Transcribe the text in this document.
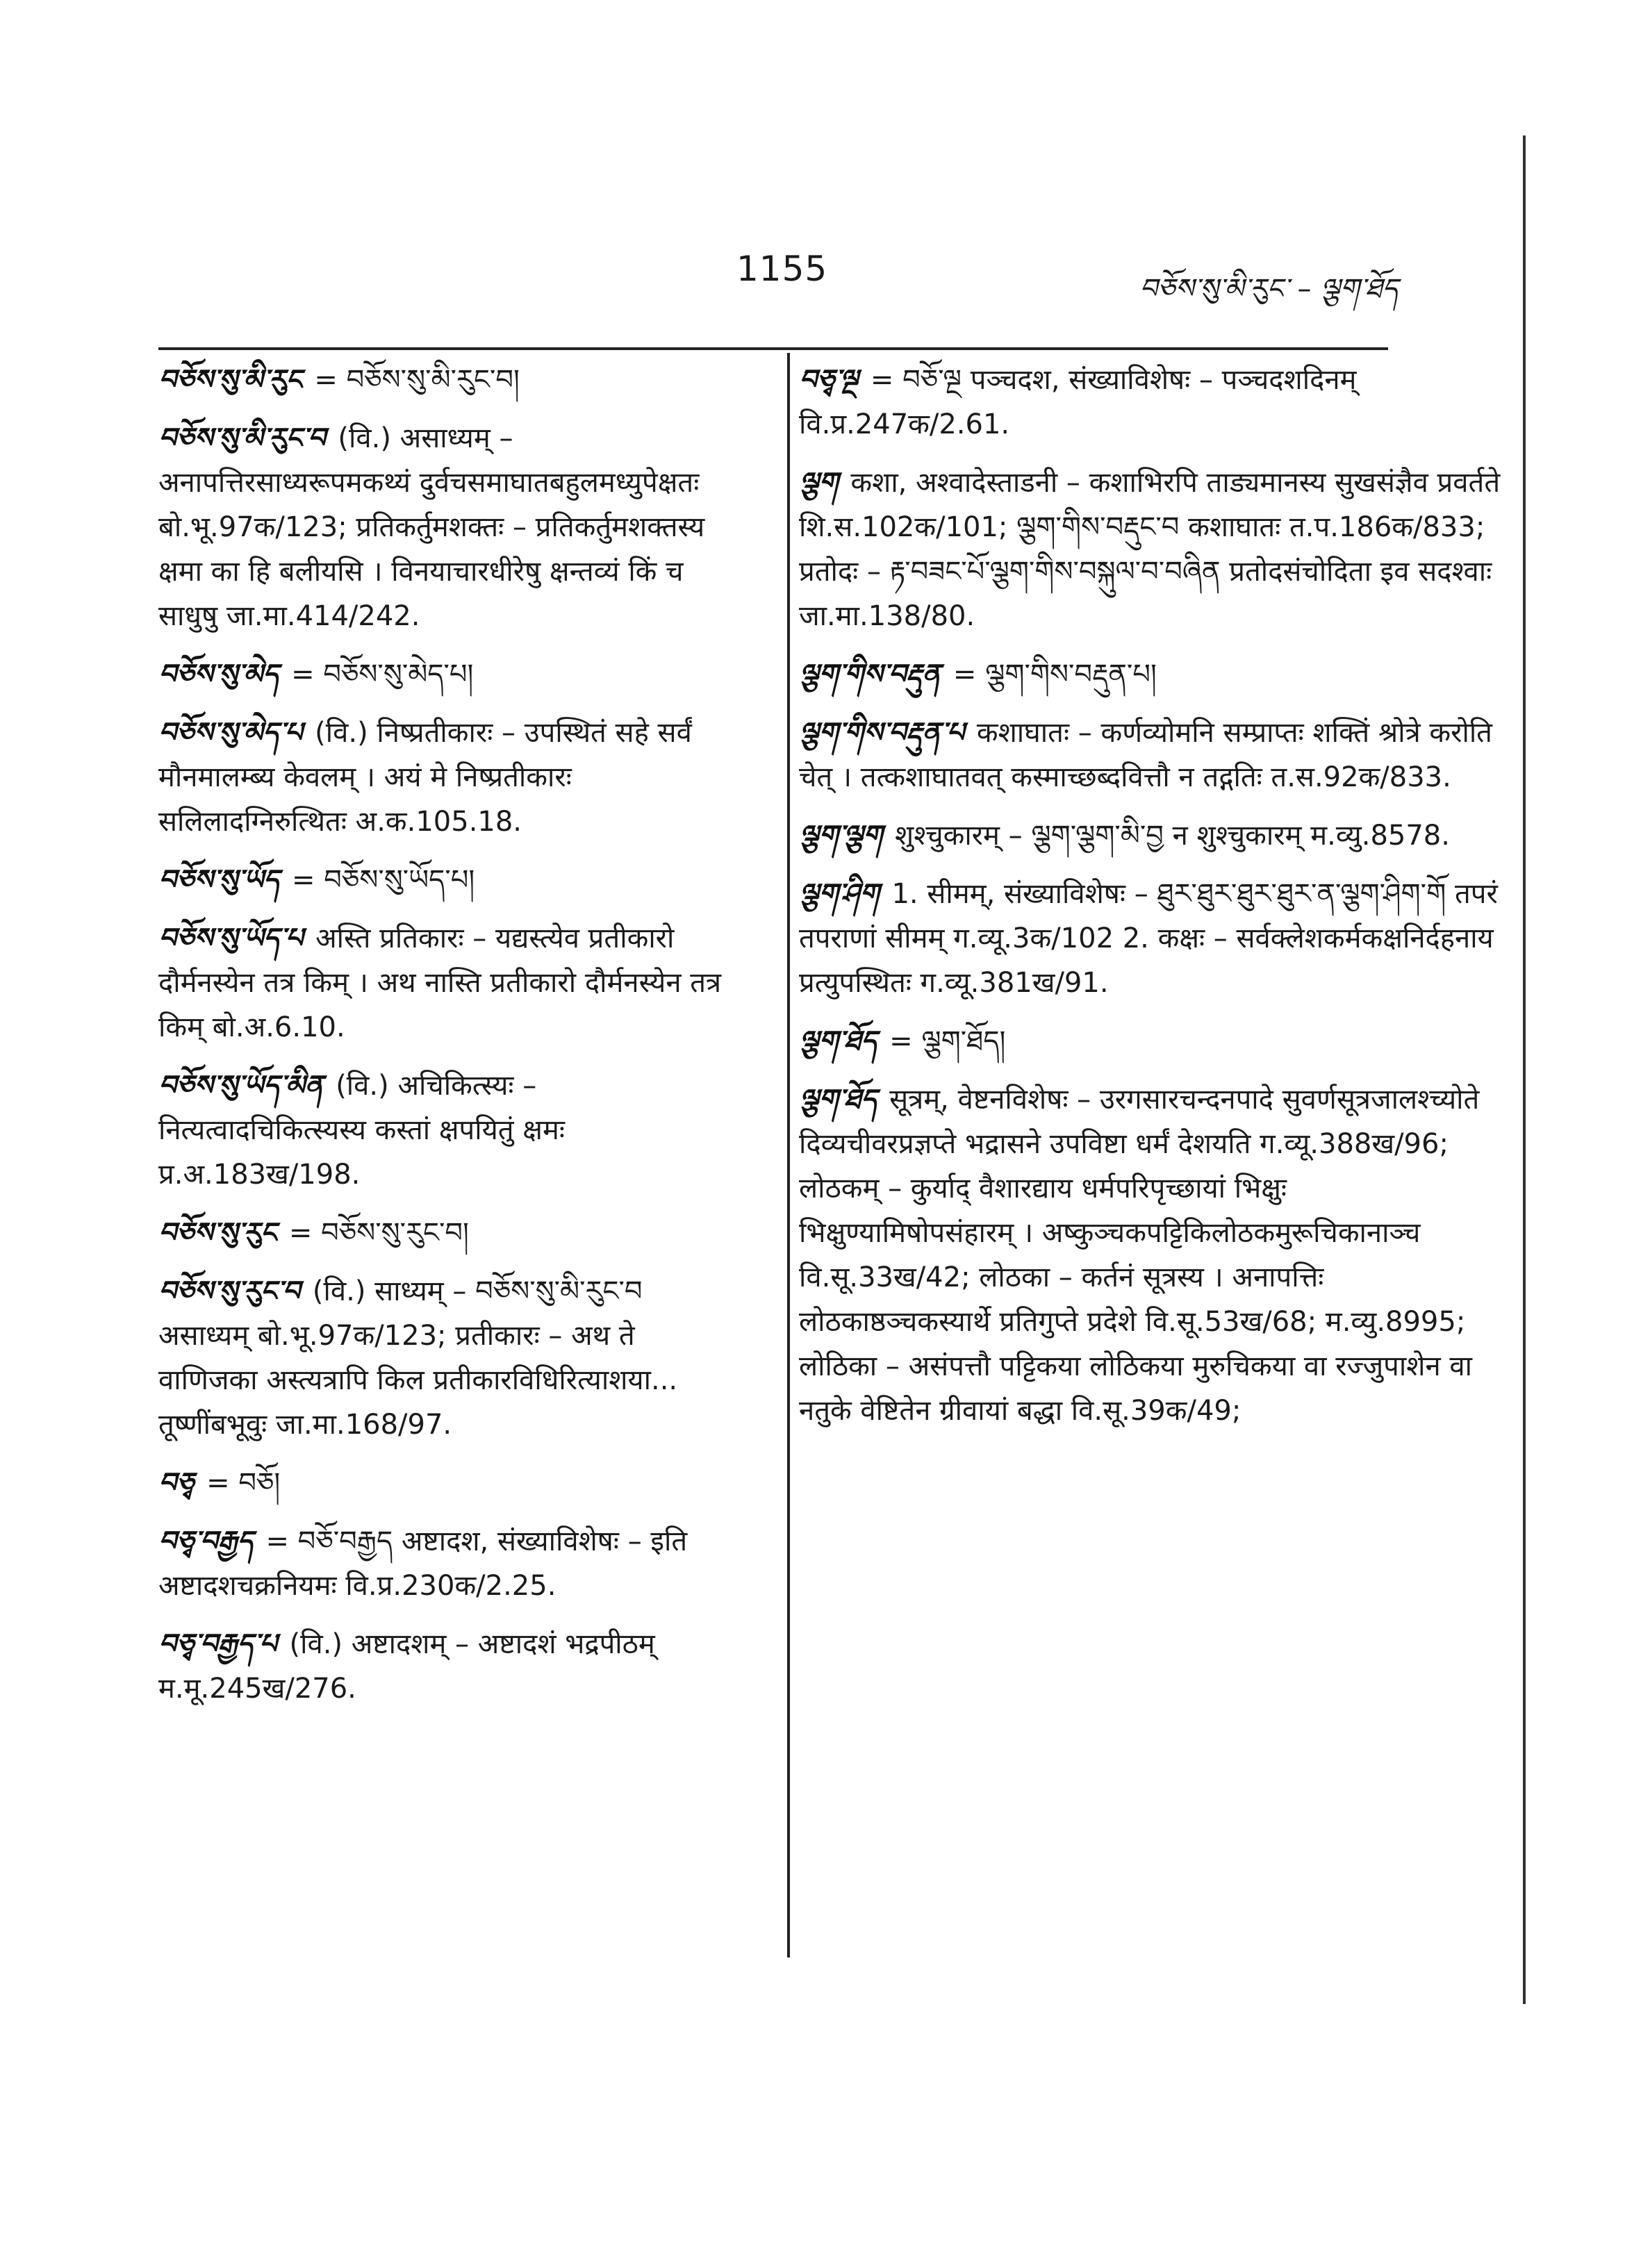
1155	བཅོས་སུ་མི་རུང་ – ལྕག་ཐོད
བཅོས་སུ་མི་རུང = བཅོས་སུ་མི་རུང་བ།
བཅོས་སུ་མི་རུང་བ (वि.) असाध्यम् – अनापत्तिरसाध्यरूपमकथ्यं दुर्वचसमाघातबहुलमध्युपेक्षतः बो.भू.97क/123; प्रतिकर्तुमशक्तः – प्रतिकर्तुमशक्तस्य क्षमा का हि बलीयसि । विनयाचारधीरेषु क्षन्तव्यं किं च साधुषु जा.मा.414/242.
བཅོས་སུ་མེད = བཅོས་སུ་མེད་པ།
བཅོས་སུ་མེད་པ (वि.) निष्प्रतीकारः – उपस्थितं सहे सर्वं मौनमालम्ब्य केवलम् । अयं मे निष्प्रतीकारः सलिलादग्निरुत्थितः अ.क.105.18.
བཅོས་སུ་ཡོད = བཅོས་སུ་ཡོད་པ།
བཅོས་སུ་ཡོད་པ अस्ति प्रतिकारः – यद्यस्त्येव प्रतीकारो दौर्मनस्येन तत्र किम् । अथ नास्ति प्रतीकारो दौर्मनस्येन तत्र किम् बो.अ.6.10.
བཅོས་སུ་ཡོད་མིན (वि.) अचिकित्स्यः – नित्यत्वादचिकित्स्यस्य कस्तां क्षपयितुं क्षमः प्र.अ.183ख/198.
བཅོས་སུ་རུང = བཅོས་སུ་རུང་བ།
བཅོས་སུ་རུང་བ (वि.) साध्यम् – བཅོས་སུ་མི་རུང་བ असाध्यम् बो.भू.97क/123; प्रतीकारः – अथ ते वाणिजका अस्त्यत्रापि किल प्रतीकारविधिरित्याशया... तूष्णींबभूवुः जा.मा.168/97.
བཅྭ = བཅོ།
བཅྭ་བརྒྱད = བཅོ་བརྒྱད अष्टादश, संख्याविशेषः – इति अष्टादशचक्रनियमः वि.प्र.230क/2.25.
བཅྭ་བརྒྱད་པ (वि.) अष्टादशम् – अष्टादशं भद्रपीठम् म.मू.245ख/276.
བཅྭ་ལྔ = བཅོ་ལྔ पञ्चदश, संख्याविशेषः – पञ्चदशदिनम् वि.प्र.247क/2.61.
ལྕག कशा, अश्वादेस्ताडनी – कशाभिरपि ताड्यमानस्य सुखसंज्ञैव प्रवर्तते शि.स.102क/101; ལྕག་གིས་བརྡུང་བ कशाघातः त.प.186क/833; प्रतोदः – རྟ་བཟང་པོ་ལྕག་གིས་བསྐུལ་བ་བཞིན प्रतोदसंचोदिता इव सदश्वाः जा.मा.138/80.
ལྕག་གིས་བརྡུན = ལྕག་གིས་བརྡུན་པ།
ལྕག་གིས་བརྡུན་པ कशाघातः – कर्णव्योमनि सम्प्राप्तः शक्तिं श्रोत्रे करोति चेत् । तत्कशाघातवत् कस्माच्छब्दवित्तौ न तद्गतिः त.स.92क/833.
ལྕག་ལྕག शुश्चुकारम् – ལྕག་ལྕག་མི་བྱ न शुश्चुकारम् म.व्यु.8578.
ལྕག་ཤིག 1. सीमम्, संख्याविशेषः – ཐུར་ཐུར་ཐུར་ཐུར་ན་ལྕག་ཤིག་གོ तपरं तपराणां सीमम् ग.व्यू.3क/102 2. कक्षः – सर्वक्लेशकर्मकक्षनिर्दहनाय प्रत्युपस्थितः ग.व्यू.381ख/91.
ལྕག་ཐོད = ལྕག་ཐོད།
ལྕག་ཐོད सूत्रम्, वेष्टनविशेषः – उरगसारचन्दनपादे सुवर्णसूत्रजालश्च्योते दिव्यचीवरप्रज्ञप्ते भद्रासने उपविष्टा धर्मं देशयति ग.व्यू.388ख/96; लोठकम् – कुर्याद् वैशारद्याय धर्मपरिपृच्छायां भिक्षुः भिक्षुण्यामिषोपसंहारम् । अष्कुञ्चकपट्टिकिलोठकमुरूचिकानाञ्च वि.सू.33ख/42; लोठका – कर्तनं सूत्रस्य । अनापत्तिः लोठकाष्ठञ्चकस्यार्थे प्रतिगुप्ते प्रदेशे वि.सू.53ख/68; म.व्यु.8995; लोठिका – असंपत्तौ पट्टिकया लोठिकया मुरुचिकया वा रज्जुपाशेन वा नतुके वेष्टितेन ग्रीवायां बद्धा वि.सू.39क/49;
